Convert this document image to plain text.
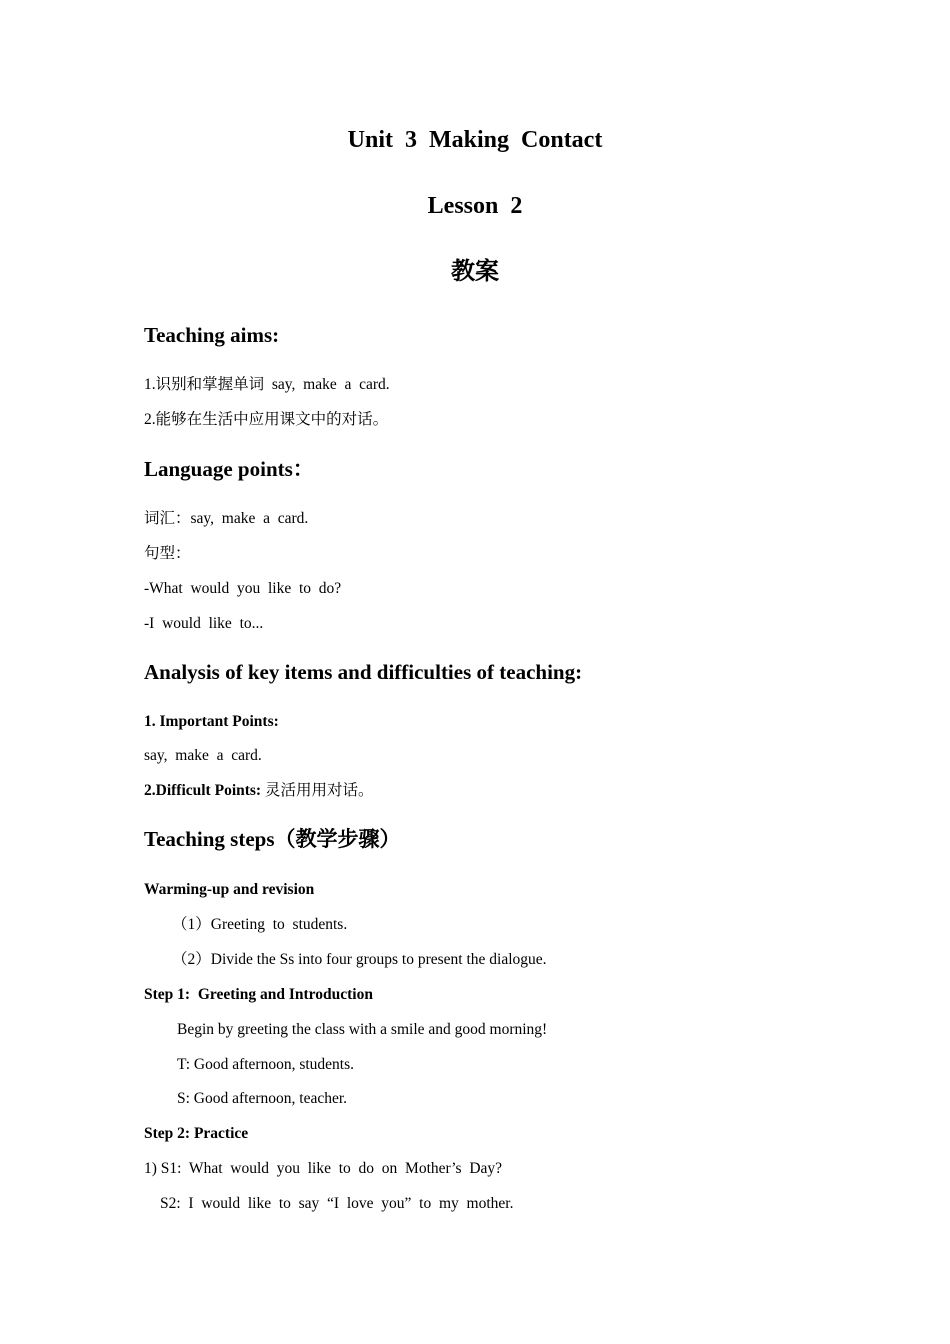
Unit  3  Making  Contact
Lesson  2
教案
Teaching aims:
1.识别和掌握单词  say,  make  a  card.
2.能够在生活中应用课文中的对话。
Language points：
词汇：say,  make  a  card.
句型：
-What  would  you  like  to  do?
-I  would  like  to...
Analysis of key items and difficulties of teaching:
1. Important Points:
say,  make  a  card.
2.Difficult Points: 灵活用用对话。
Teaching steps（教学步骤）
Warming-up and revision
（1）Greeting  to  students.
（2）Divide the Ss into four groups to present the dialogue.
Step 1:  Greeting and Introduction
Begin by greeting the class with a smile and good morning!
T: Good afternoon, students.
S: Good afternoon, teacher.
Step 2: Practice
1) S1:  What  would  you  like  to  do  on  Mother’s  Day?
S2:  I  would  like  to  say  “I  love  you”  to  my  mother.
